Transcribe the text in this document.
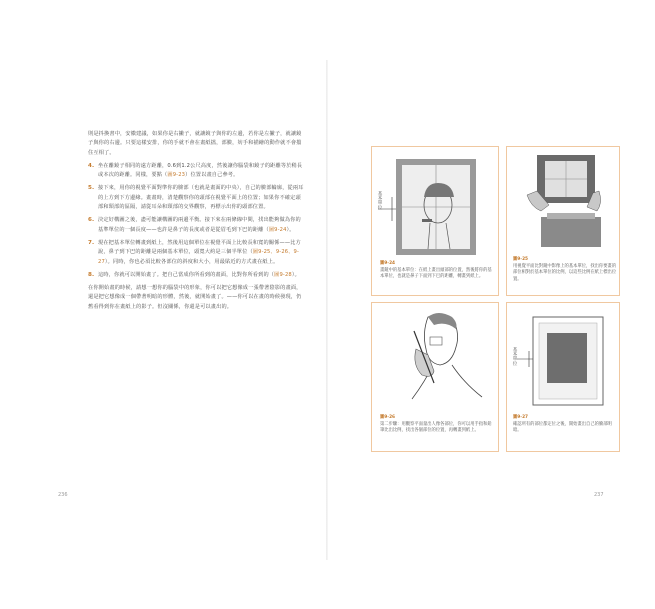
則是抖換書中，安徽建議，如果你是右撇子，就讓鏡子與你的左邊，若你是左撇子，就讓鏡子與你的右邊。只要這樣安排，你的手就不會在畫紙擋，部臉，妨手和描繪的動作就不會擋住互相了。

4. 坐在離鏡子相同的遠方距離，0.6到1.2公尺高度，然後讓你腦袋和鏡子的距離等於稍長或本次的距離。同樣，要點（圖9-23）位置以畫自己參考。

5. 接下來，用你的視覺平面對準你的臉部（也就是畫面的中央），自己的臉部輪廓，從兩耳的上方到下方邊緣。畫畫時，清楚觀察你的頭部在視覺平面上的位置；如果你不確定頭部和頸部的區隔，請從耳朵和頸部的交界觀察，再標示出你的頭部位置。

6. 決定好構圖之後，盡可能讓構圖的兩邊平衡。接下來在兩條線中間，找出能夠做為你的基準單位的一個長度——也許是鼻子的長度或者是從眉毛到下巴的距離（圖9-24）。

7. 現在把基本單位轉畫到紙上，然後用這個單位在視覺平面上比較長和寬的關係——比方說，鼻子到下巴的距離是兩個基本單位，頭寬大約是三個半單位（圖9-25、9-26、9-27）。同時，你也必須比較各部位的斜度和大小，用最貼近的方式畫在紙上。

8. 這時，你就可以開始畫了。把自己當成你所看到的畫面，比對你所看到的（圖9-28）。

在你開始畫的時候，請想一想你的腦袋中的形象，你可以把它想像成一張帶著陰影的畫面，還是把它想像成一個帶著明暗的形體，然後，就開始畫了。——你可以在畫的時候發現，仍舊看得到你在畫紙上的影子。但沒關係，你還是可以畫出的。

236	237
基本單位
圖9-24
畫鏡中的基本單位：在紙上畫出頭部的位置，然後將你的基本單位，也就是鼻子下面到下巴的距離，轉畫到紙上。
圖9-25
用視覺平面比對鏡中影像上的基本單位，找出你要畫的部位相對於基本單位的比例，以這些比例在紙上標出位置。
圖9-26
第二步驟：用觀察平面量出人像各部位，你可以用手指和鉛筆比出比例，找出各個部位的位置，再轉畫到紙上。
基本單位
圖9-27
確認所有的部位都定位之後，開始畫出自己的臉部明暗。
